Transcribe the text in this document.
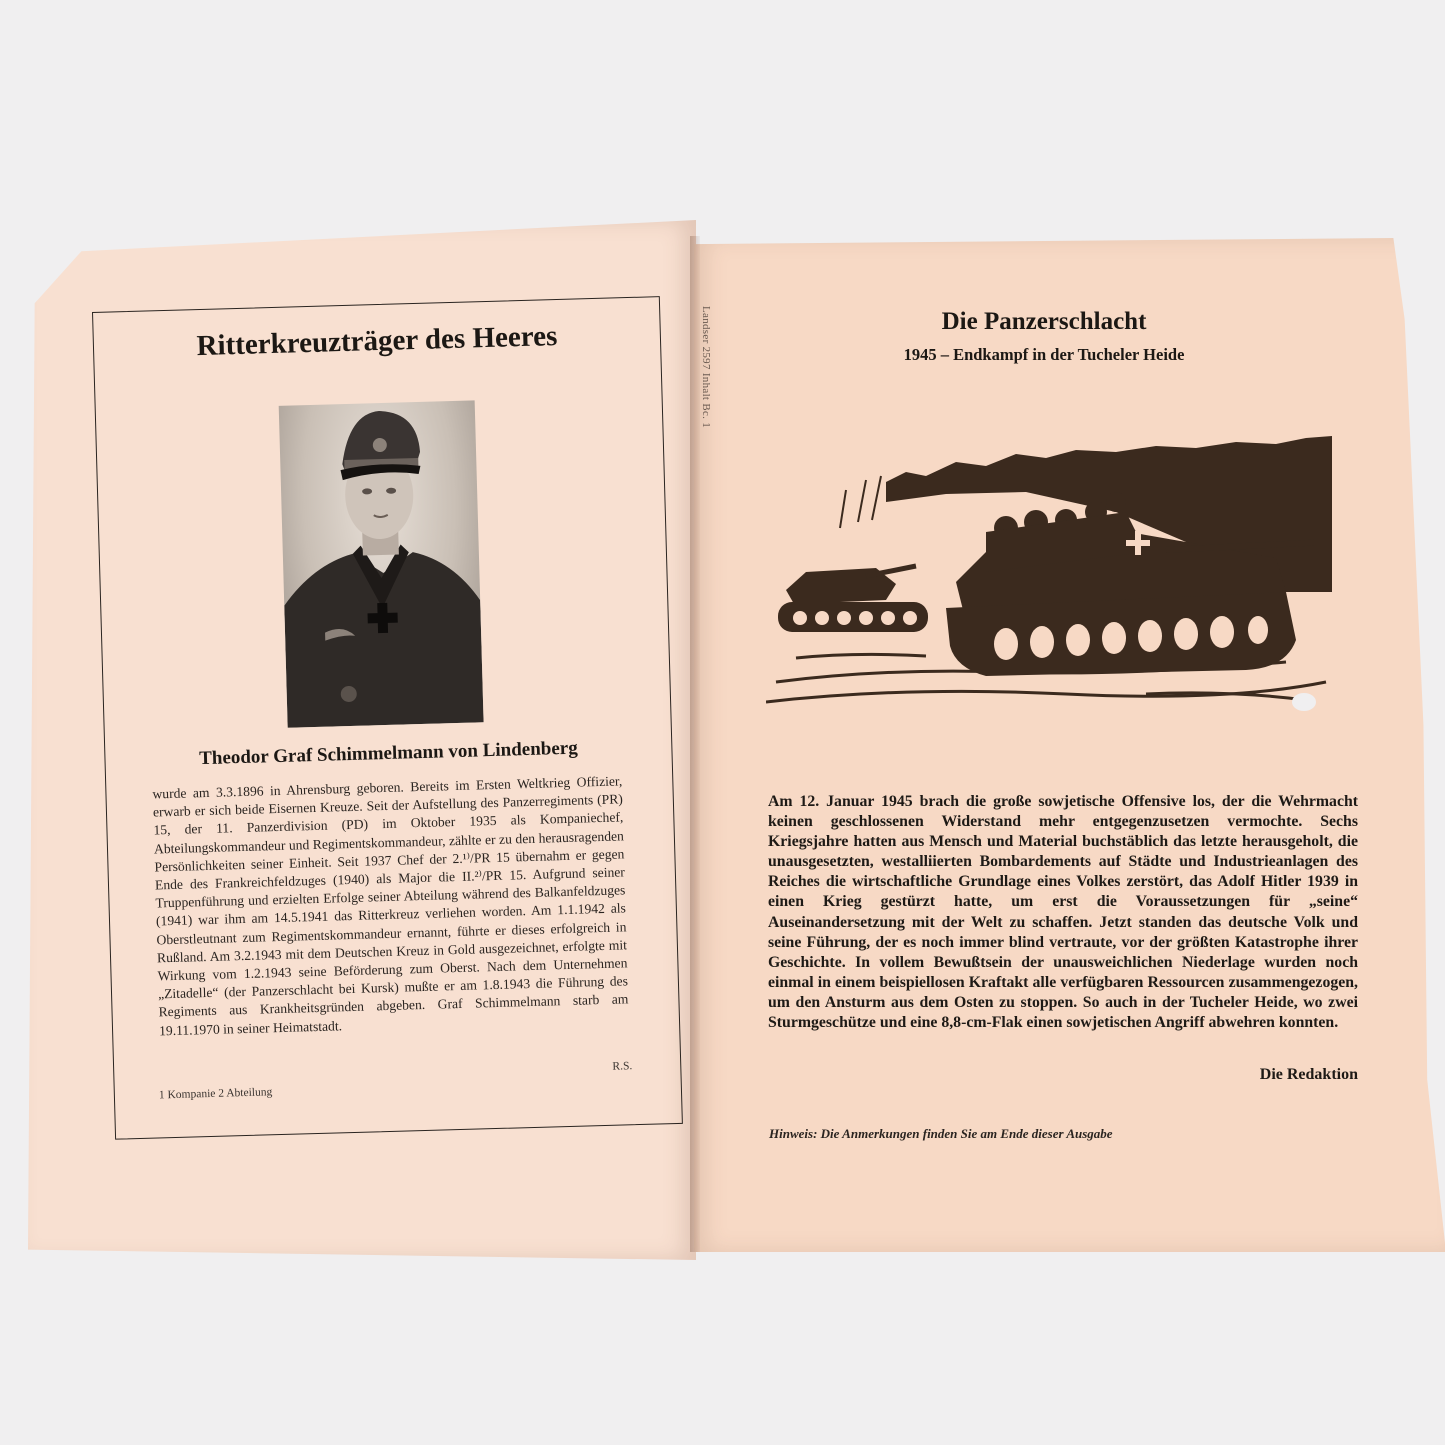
Ritterkreuzträger des Heeres
Theodor Graf Schimmelmann von Lindenberg
wurde am 3.3.1896 in Ahrensburg geboren. Bereits im Ersten Weltkrieg Offizier, erwarb er sich beide Eisernen Kreuze. Seit der Aufstellung des Panzerregiments (PR) 15, der 11. Panzerdivision (PD) im Oktober 1935 als Kompaniechef, Abteilungskommandeur und Regimentskommandeur, zählte er zu den herausragenden Persönlichkeiten seiner Einheit. Seit 1937 Chef der 2.¹⁾/PR 15 übernahm er gegen Ende des Frankreichfeldzuges (1940) als Major die II.²⁾/PR 15. Aufgrund seiner Truppenführung und erzielten Erfolge seiner Abteilung während des Balkanfeldzuges (1941) war ihm am 14.5.1941 das Ritterkreuz verliehen worden. Am 1.1.1942 als Oberstleutnant zum Regimentskommandeur ernannt, führte er dieses erfolgreich in Rußland. Am 3.2.1943 mit dem Deutschen Kreuz in Gold ausgezeichnet, erfolgte mit Wirkung vom 1.2.1943 seine Beförderung zum Oberst. Nach dem Unternehmen „Zitadelle“ (der Panzerschlacht bei Kursk) mußte er am 1.8.1943 die Führung des Regiments aus Krankheitsgründen abgeben. Graf Schimmelmann starb am 19.11.1970 in seiner Heimatstadt.
R.S.
1 Kompanie 2 Abteilung
Landser 2597 Inhalt Bc. 1	Die Panzerschlacht
1945 – Endkampf in der Tucheler Heide
Am 12. Januar 1945 brach die große sowjetische Offensive los, der die Wehrmacht keinen geschlossenen Widerstand mehr entgegenzusetzen vermochte. Sechs Kriegsjahre hatten aus Mensch und Material buchstäblich das letzte herausgeholt, die unausgesetzten, westalliierten Bombardements auf Städte und Industrieanlagen des Reiches die wirtschaftliche Grundlage eines Volkes zerstört, das Adolf Hitler 1939 in einen Krieg gestürzt hatte, um erst die Voraussetzungen für „seine“ Auseinandersetzung mit der Welt zu schaffen. Jetzt standen das deutsche Volk und seine Führung, der es noch immer blind vertraute, vor der größten Katastrophe ihrer Geschichte. In vollem Bewußtsein der unausweichlichen Niederlage wurden noch einmal in einem beispiellosen Kraftakt alle verfügbaren Ressourcen zusammengezogen, um den Ansturm aus dem Osten zu stoppen. So auch in der Tucheler Heide, wo zwei Sturmgeschütze und eine 8,8-cm-Flak einen sowjetischen Angriff abwehren konnten.
Die Redaktion
Hinweis: Die Anmerkungen finden Sie am Ende dieser Ausgabe
